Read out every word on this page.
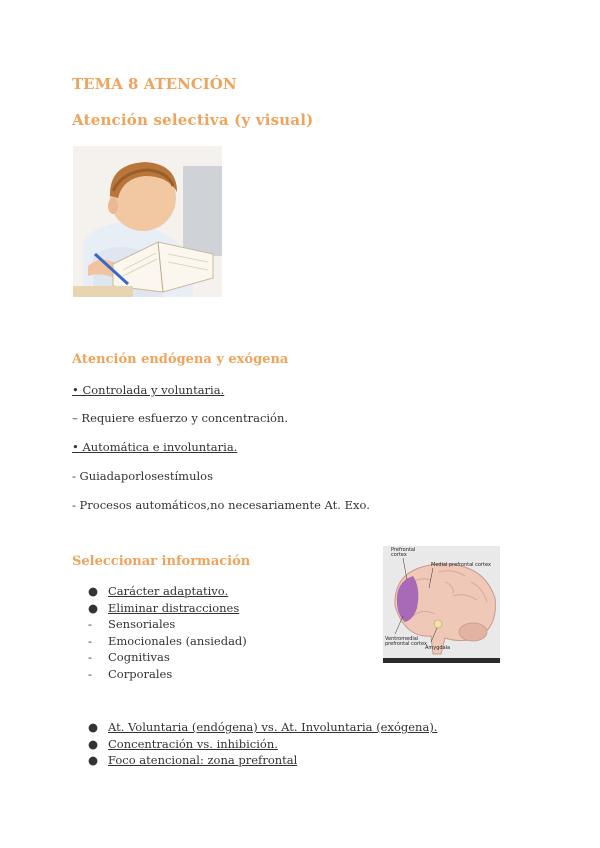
TEMA 8 ATENCIÓN
Atención selectiva (y visual)
Atención endógena y exógena
• Controlada y voluntaria.
– Requiere esfuerzo y concentración.
• Automática e involuntaria.
- Guiadaporlosestímulos
- Procesos automáticos,no necesariamente At. Exo.
Seleccionar información
● Carácter adaptativo.
● Eliminar distracciones
- Sensoriales
- Emocionales (ansiedad)
- Cognitivas
- Corporales
Prefrontal cortex
Medial prefrontal cortex
Ventromedial prefrontal cortex
Amygdala
● At. Voluntaria (endógena) vs. At. Involuntaria (exógena).
● Concentración vs. inhibición.
● Foco atencional: zona prefrontal
